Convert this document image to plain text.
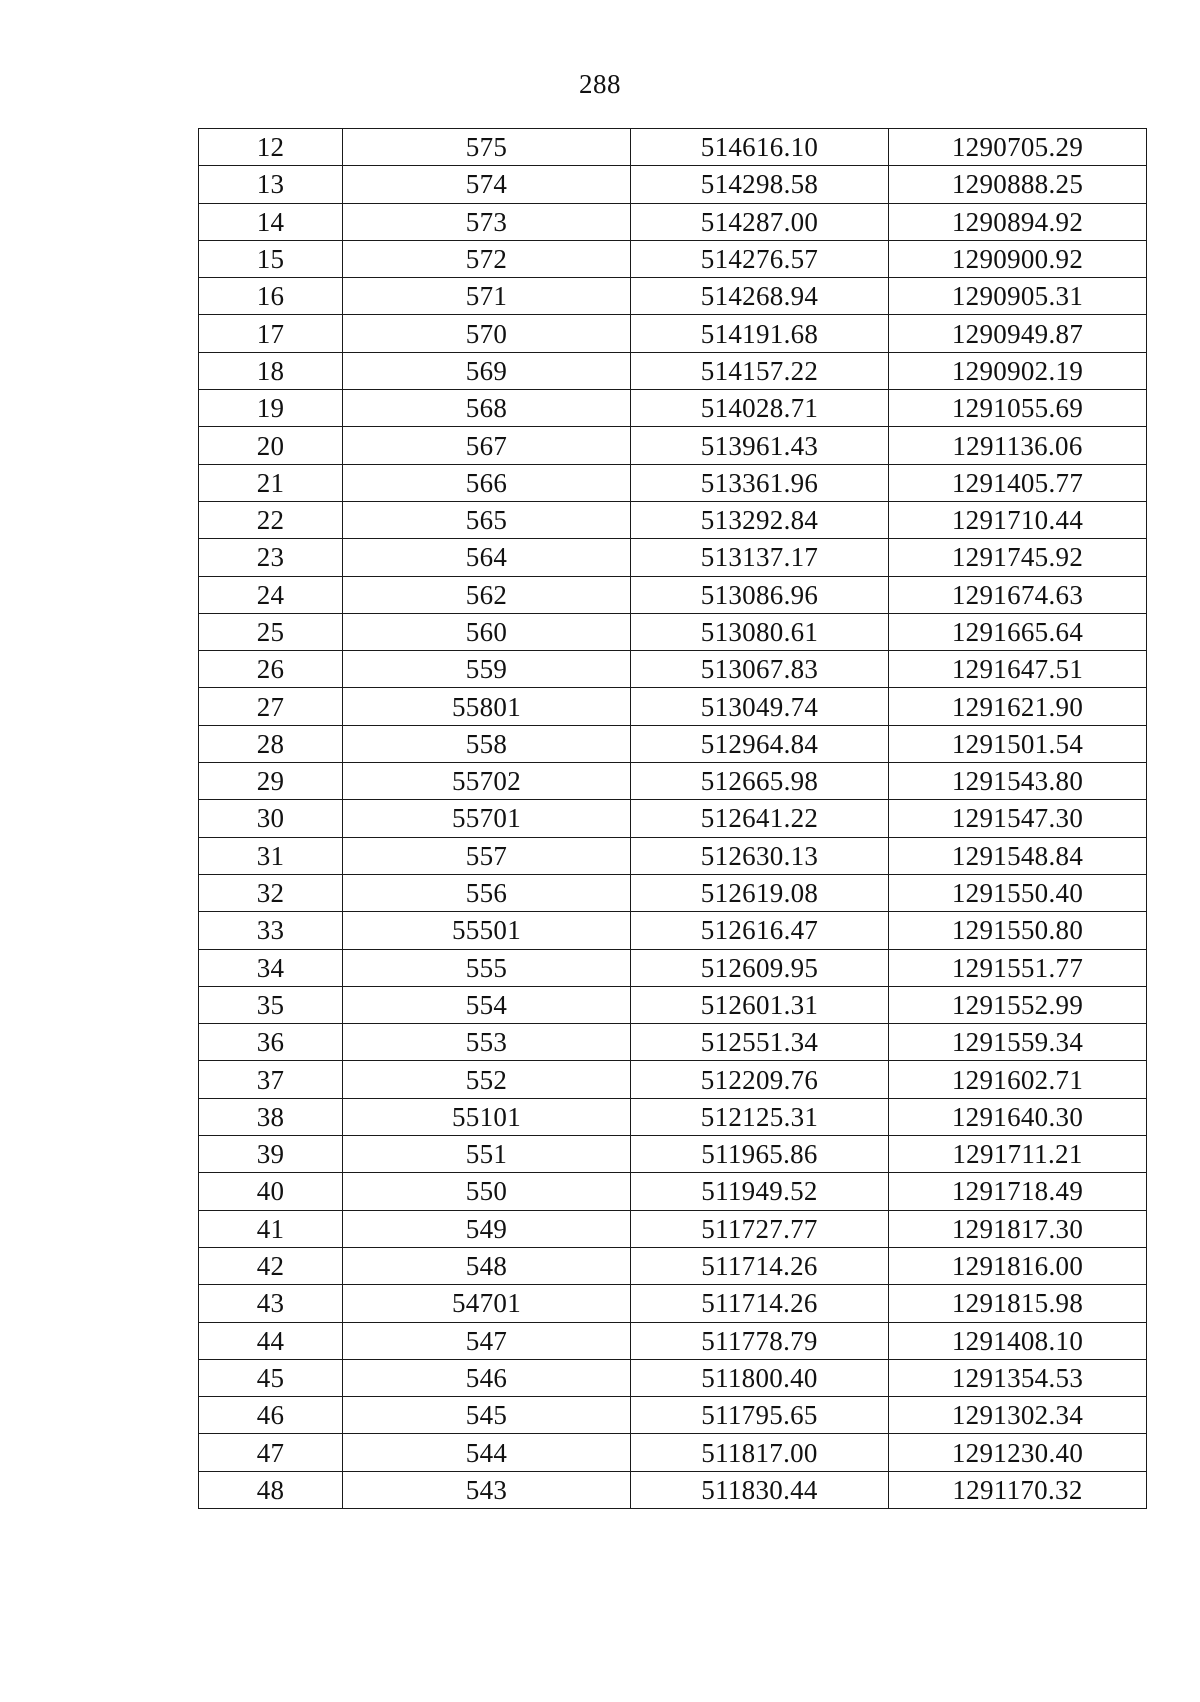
288
12	575	514616.10	1290705.29
13	574	514298.58	1290888.25
14	573	514287.00	1290894.92
15	572	514276.57	1290900.92
16	571	514268.94	1290905.31
17	570	514191.68	1290949.87
18	569	514157.22	1290902.19
19	568	514028.71	1291055.69
20	567	513961.43	1291136.06
21	566	513361.96	1291405.77
22	565	513292.84	1291710.44
23	564	513137.17	1291745.92
24	562	513086.96	1291674.63
25	560	513080.61	1291665.64
26	559	513067.83	1291647.51
27	55801	513049.74	1291621.90
28	558	512964.84	1291501.54
29	55702	512665.98	1291543.80
30	55701	512641.22	1291547.30
31	557	512630.13	1291548.84
32	556	512619.08	1291550.40
33	55501	512616.47	1291550.80
34	555	512609.95	1291551.77
35	554	512601.31	1291552.99
36	553	512551.34	1291559.34
37	552	512209.76	1291602.71
38	55101	512125.31	1291640.30
39	551	511965.86	1291711.21
40	550	511949.52	1291718.49
41	549	511727.77	1291817.30
42	548	511714.26	1291816.00
43	54701	511714.26	1291815.98
44	547	511778.79	1291408.10
45	546	511800.40	1291354.53
46	545	511795.65	1291302.34
47	544	511817.00	1291230.40
48	543	511830.44	1291170.32
